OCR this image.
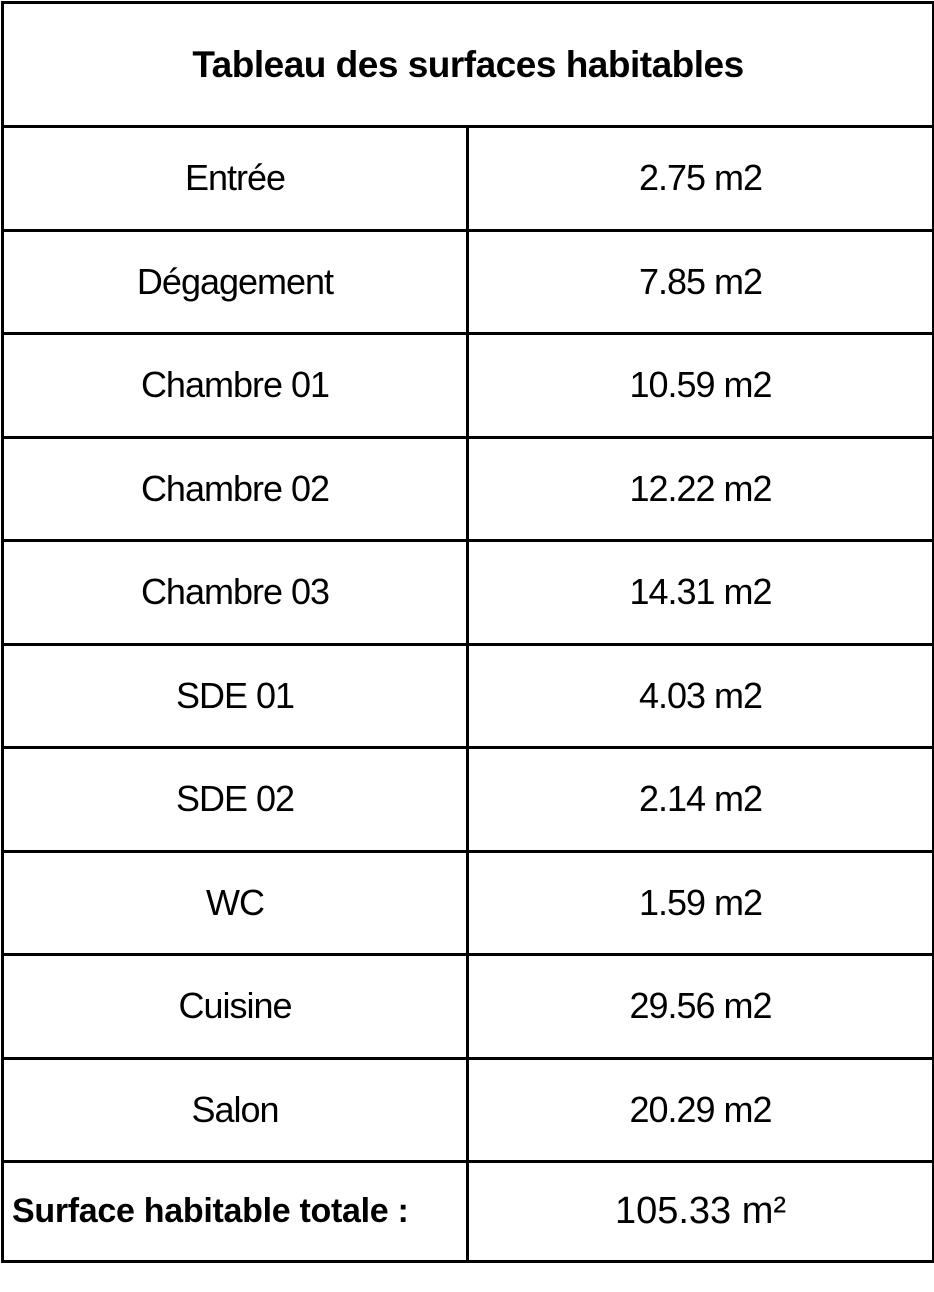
Tableau des surfaces habitables	
Entrée	2.75 m2
Dégagement	7.85 m2
Chambre 01	10.59 m2
Chambre 02	12.22 m2
Chambre 03	14.31 m2
SDE 01	4.03 m2
SDE 02	2.14 m2
WC	1.59 m2
Cuisine	29.56 m2
Salon	20.29 m2
Surface habitable totale :	105.33 m²
